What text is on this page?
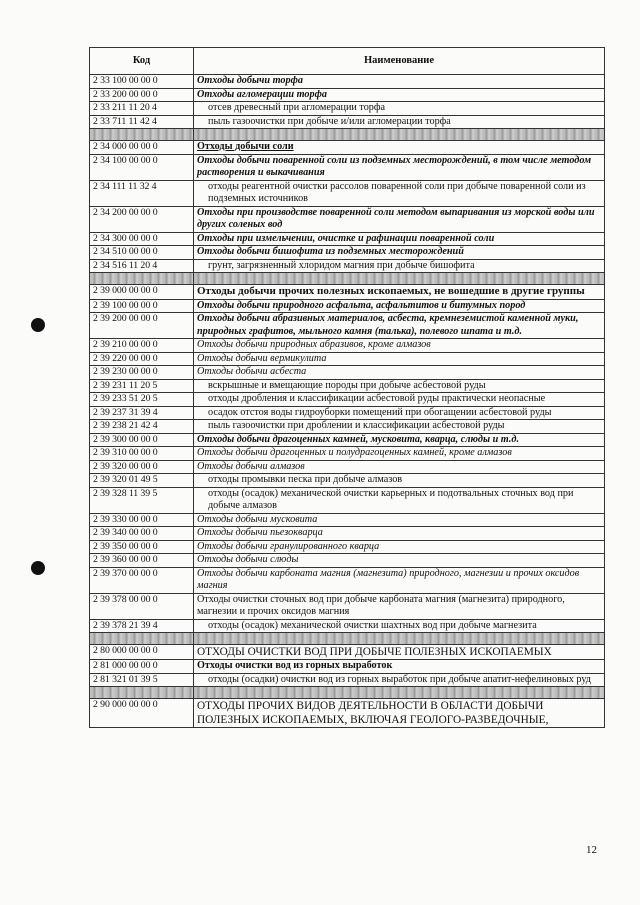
Код	Наименование
2 33 100 00 00 0	Отходы добычи торфа
2 33 200 00 00 0	Отходы агломерации торфа
2 33 211 11 20 4	отсев древесный при агломерации торфа
2 33 711 11 42 4	пыль газоочистки при добыче и/или агломерации торфа

2 34 000 00 00 0	Отходы добычи соли
2 34 100 00 00 0	Отходы добычи поваренной соли из подземных месторождений, в том числе методом растворения и выкачивания
2 34 111 11 32 4	отходы реагентной очистки рассолов поваренной соли при добыче поваренной соли из подземных источников
2 34 200 00 00 0	Отходы при производстве поваренной соли методом выпаривания из морской воды или других соленых вод
2 34 300 00 00 0	Отходы при измельчении, очистке и рафинации поваренной соли
2 34 510 00 00 0	Отходы добычи бишофита из подземных месторождений
2 34 516 11 20 4	грунт, загрязненный хлоридом магния при добыче бишофита

2 39 000 00 00 0	Отходы добычи прочих полезных ископаемых, не вошедшие в другие группы
2 39 100 00 00 0	Отходы добычи природного асфальта, асфальтитов и битумных пород
2 39 200 00 00 0	Отходы добычи абразивных материалов, асбеста, кремнеземистой каменной муки, природных графитов, мыльного камня (талька), полевого шпата и т.д.
2 39 210 00 00 0	Отходы добычи природных абразивов, кроме алмазов
2 39 220 00 00 0	Отходы добычи вермикулита
2 39 230 00 00 0	Отходы добычи асбеста
2 39 231 11 20 5	вскрышные и вмещающие породы при добыче асбестовой руды
2 39 233 51 20 5	отходы дробления и классификации асбестовой руды практически неопасные
2 39 237 31 39 4	осадок отстоя воды гидроуборки помещений при обогащении асбестовой руды
2 39 238 21 42 4	пыль газоочистки при дроблении и классификации асбестовой руды
2 39 300 00 00 0	Отходы добычи драгоценных камней, мусковита, кварца, слюды и т.д.
2 39 310 00 00 0	Отходы добычи драгоценных и полудрагоценных камней, кроме алмазов
2 39 320 00 00 0	Отходы добычи алмазов
2 39 320 01 49 5	отходы промывки песка при добыче алмазов
2 39 328 11 39 5	отходы (осадок) механической очистки карьерных и подотвальных сточных вод при добыче алмазов
2 39 330 00 00 0	Отходы добычи мусковита
2 39 340 00 00 0	Отходы добычи пьезокварца
2 39 350 00 00 0	Отходы добычи гранулированного кварца
2 39 360 00 00 0	Отходы добычи слюды
2 39 370 00 00 0	Отходы добычи карбоната магния (магнезита) природного, магнезии и прочих оксидов магния
2 39 378 00 00 0	Отходы очистки сточных вод при добыче карбоната магния (магнезита) природного, магнезии и прочих оксидов магния
2 39 378 21 39 4	отходы (осадок) механической очистки шахтных вод при добыче магнезита

2 80 000 00 00 0	ОТХОДЫ ОЧИСТКИ ВОД ПРИ ДОБЫЧЕ ПОЛЕЗНЫХ ИСКОПАЕМЫХ
2 81 000 00 00 0	Отходы очистки вод из горных выработок
2 81 321 01 39 5	отходы (осадки) очистки вод из горных выработок при добыче апатит-нефелиновых руд

2 90 000 00 00 0	ОТХОДЫ ПРОЧИХ ВИДОВ ДЕЯТЕЛЬНОСТИ В ОБЛАСТИ ДОБЫЧИ ПОЛЕЗНЫХ ИСКОПАЕМЫХ, ВКЛЮЧАЯ ГЕОЛОГО-РАЗВЕДОЧНЫЕ,
12
